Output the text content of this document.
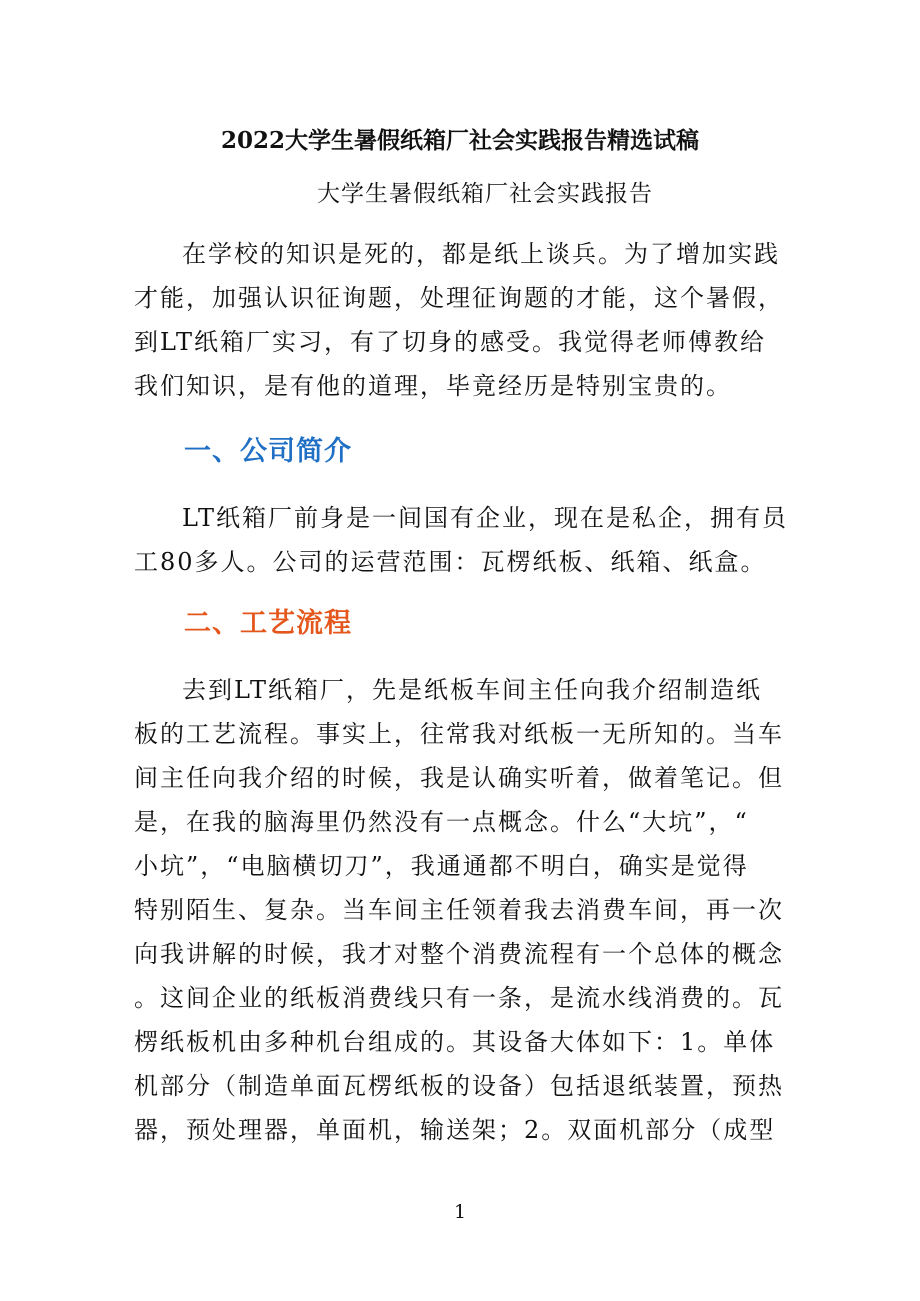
2022大学生暑假纸箱厂社会实践报告精选试稿
大学生暑假纸箱厂社会实践报告
在学校的知识是死的，都是纸上谈兵。为了增加实践
才能，加强认识征询题，处理征询题的才能，这个暑假，
到LT纸箱厂实习，有了切身的感受。我觉得老师傅教给
我们知识，是有他的道理，毕竟经历是特别宝贵的。
一、公司简介
LT纸箱厂前身是一间国有企业，现在是私企，拥有员
工80多人。公司的运营范围：瓦楞纸板、纸箱、纸盒。
二、工艺流程
去到LT纸箱厂，先是纸板车间主任向我介绍制造纸
板的工艺流程。事实上，往常我对纸板一无所知的。当车
间主任向我介绍的时候，我是认确实听着，做着笔记。但
是，在我的脑海里仍然没有一点概念。什么“大坑”，“
小坑”，“电脑横切刀”，我通通都不明白，确实是觉得
特别陌生、复杂。当车间主任领着我去消费车间，再一次
向我讲解的时候，我才对整个消费流程有一个总体的概念
。这间企业的纸板消费线只有一条，是流水线消费的。瓦
楞纸板机由多种机台组成的。其设备大体如下：1。单体
机部分（制造单面瓦楞纸板的设备）包括退纸装置，预热
器，预处理器，单面机，输送架；2。双面机部分（成型
1
